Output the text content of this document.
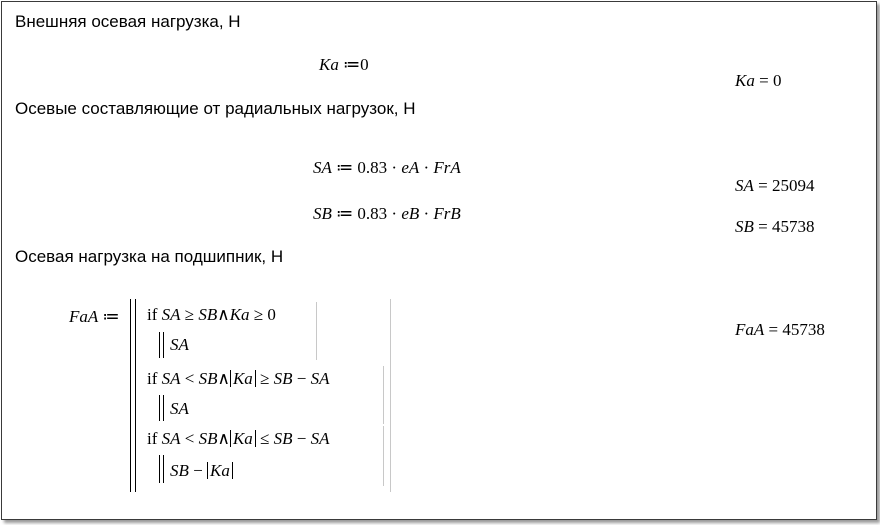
Внешняя осевая нагрузка, Н
Ka ≔0
Ka = 0
Осевые составляющие от радиальных нагрузок, Н
SA ≔ 0.83 · eA · FrA
SA = 25094
SB ≔ 0.83 · eB · FrB
SB = 45738
Осевая нагрузка на подшипник, Н
FaA ≔ if SA ≥ SB∧Ka ≥ 0
SA
if SA < SB∧ Ka ≥ SB − SA
SA
if SA < SB∧ Ka ≤ SB − SA
SB − Ka
FaA = 45738
